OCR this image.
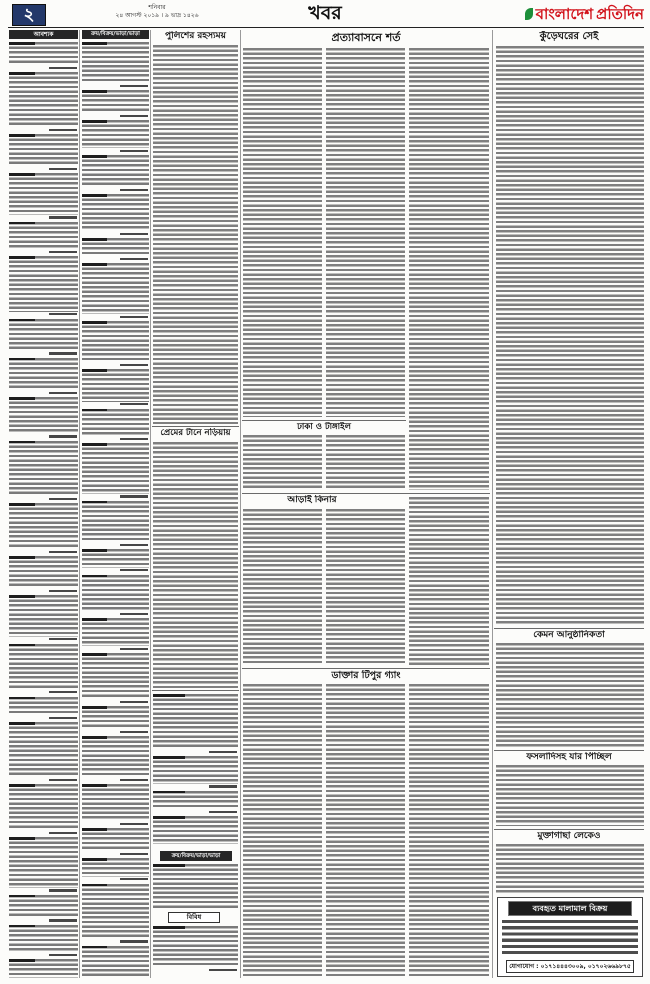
২	শনিবার
২৪ আগস্ট ২০১৯ । ৯ ভাদ্র ১৪২৬	খবর	বাংলাদেশ প্রতিদিন
আবশ্যক	ক্রয়/বিক্রয়/ভাড়া/ভাড়া	পুলিশের রহস্যময়
প্রেমের টানে নড়িয়ায়
ক্রয়/বিক্রয়/ভাড়া/ভাড়া
বিবিধ
প্রত্যাবাসনে শর্ত
ঢাকা ও টাঙ্গাইল
আড়াই কিনার
ডাক্তার টিপুর গ্যাং
কুঁড়েঘরের সেই
কেমন আনুষ্ঠানিকতা
ফসলাদিসহ যার পিচ্ছিল
মুক্তাগাছা লেকেও
ব্যবহৃত মালামাল বিক্রয়
যোগাযোগ : ০১৭১৪৪৪৩০০৯, ০১৭০২৬৬৯৮৭৫
